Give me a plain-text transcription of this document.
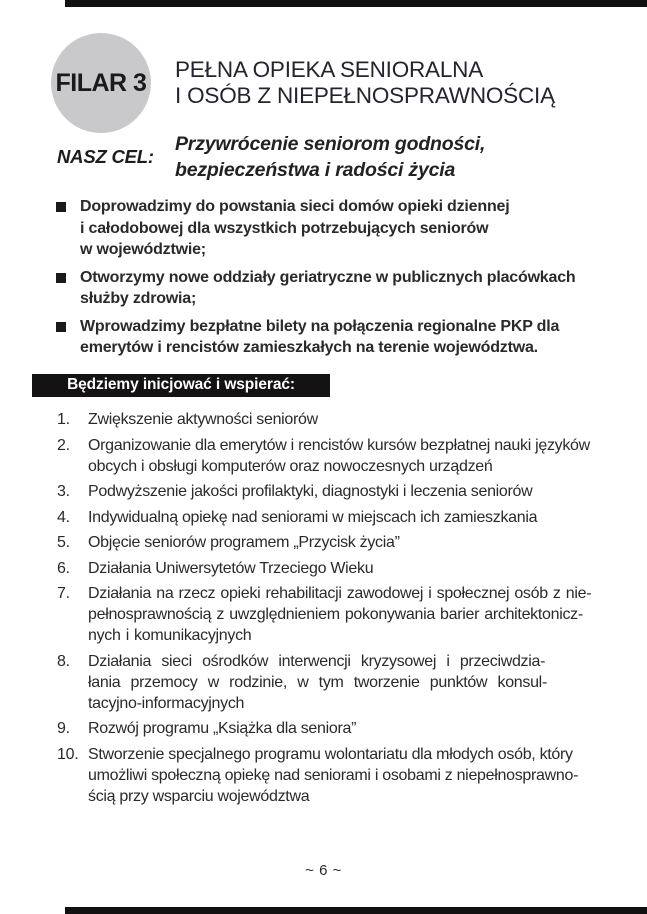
FILAR 3 PEŁNA OPIEKA SENIORALNA
I OSÓB Z NIEPEŁNOSPRAWNOŚCIĄ
NASZ CEL:
Przywrócenie seniorom godności,
bezpieczeństwa i radości życia
Doprowadzimy do powstania sieci domów opieki dziennej
i całodobowej dla wszystkich potrzebujących seniorów
w województwie;
Otworzymy nowe oddziały geriatryczne w publicznych placówkach
służby zdrowia;
Wprowadzimy bezpłatne bilety na połączenia regionalne PKP dla
emerytów i rencistów zamieszkałych na terenie województwa.
Będziemy inicjować i wspierać:
1.	Zwiększenie aktywności seniorów
2.	Organizowanie dla emerytów i rencistów kursów bezpłatnej nauki języków
obcych i obsługi komputerów oraz nowoczesnych urządzeń
3.	Podwyższenie jakości profilaktyki, diagnostyki i leczenia seniorów
4.	Indywidualną opiekę nad seniorami w miejscach ich zamieszkania
5.	Objęcie seniorów programem „Przycisk życia”
6.	Działania Uniwersytetów Trzeciego Wieku
7.	Działania na rzecz opieki rehabilitacji zawodowej i społecznej osób z nie-
pełnosprawnością z uwzględnieniem pokonywania barier architektonicz-
nych i komunikacyjnych
8.	Działania sieci ośrodków interwencji kryzysowej i przeciwdzia-
łania przemocy w rodzinie, w tym tworzenie punktów konsul-
tacyjno-informacyjnych
9.	Rozwój programu „Książka dla seniora”
10. Stworzenie specjalnego programu wolontariatu dla młodych osób, który
umożliwi społeczną opiekę nad seniorami i osobami z niepełnosprawno-
ścią przy wsparciu województwa
~ 6 ~
